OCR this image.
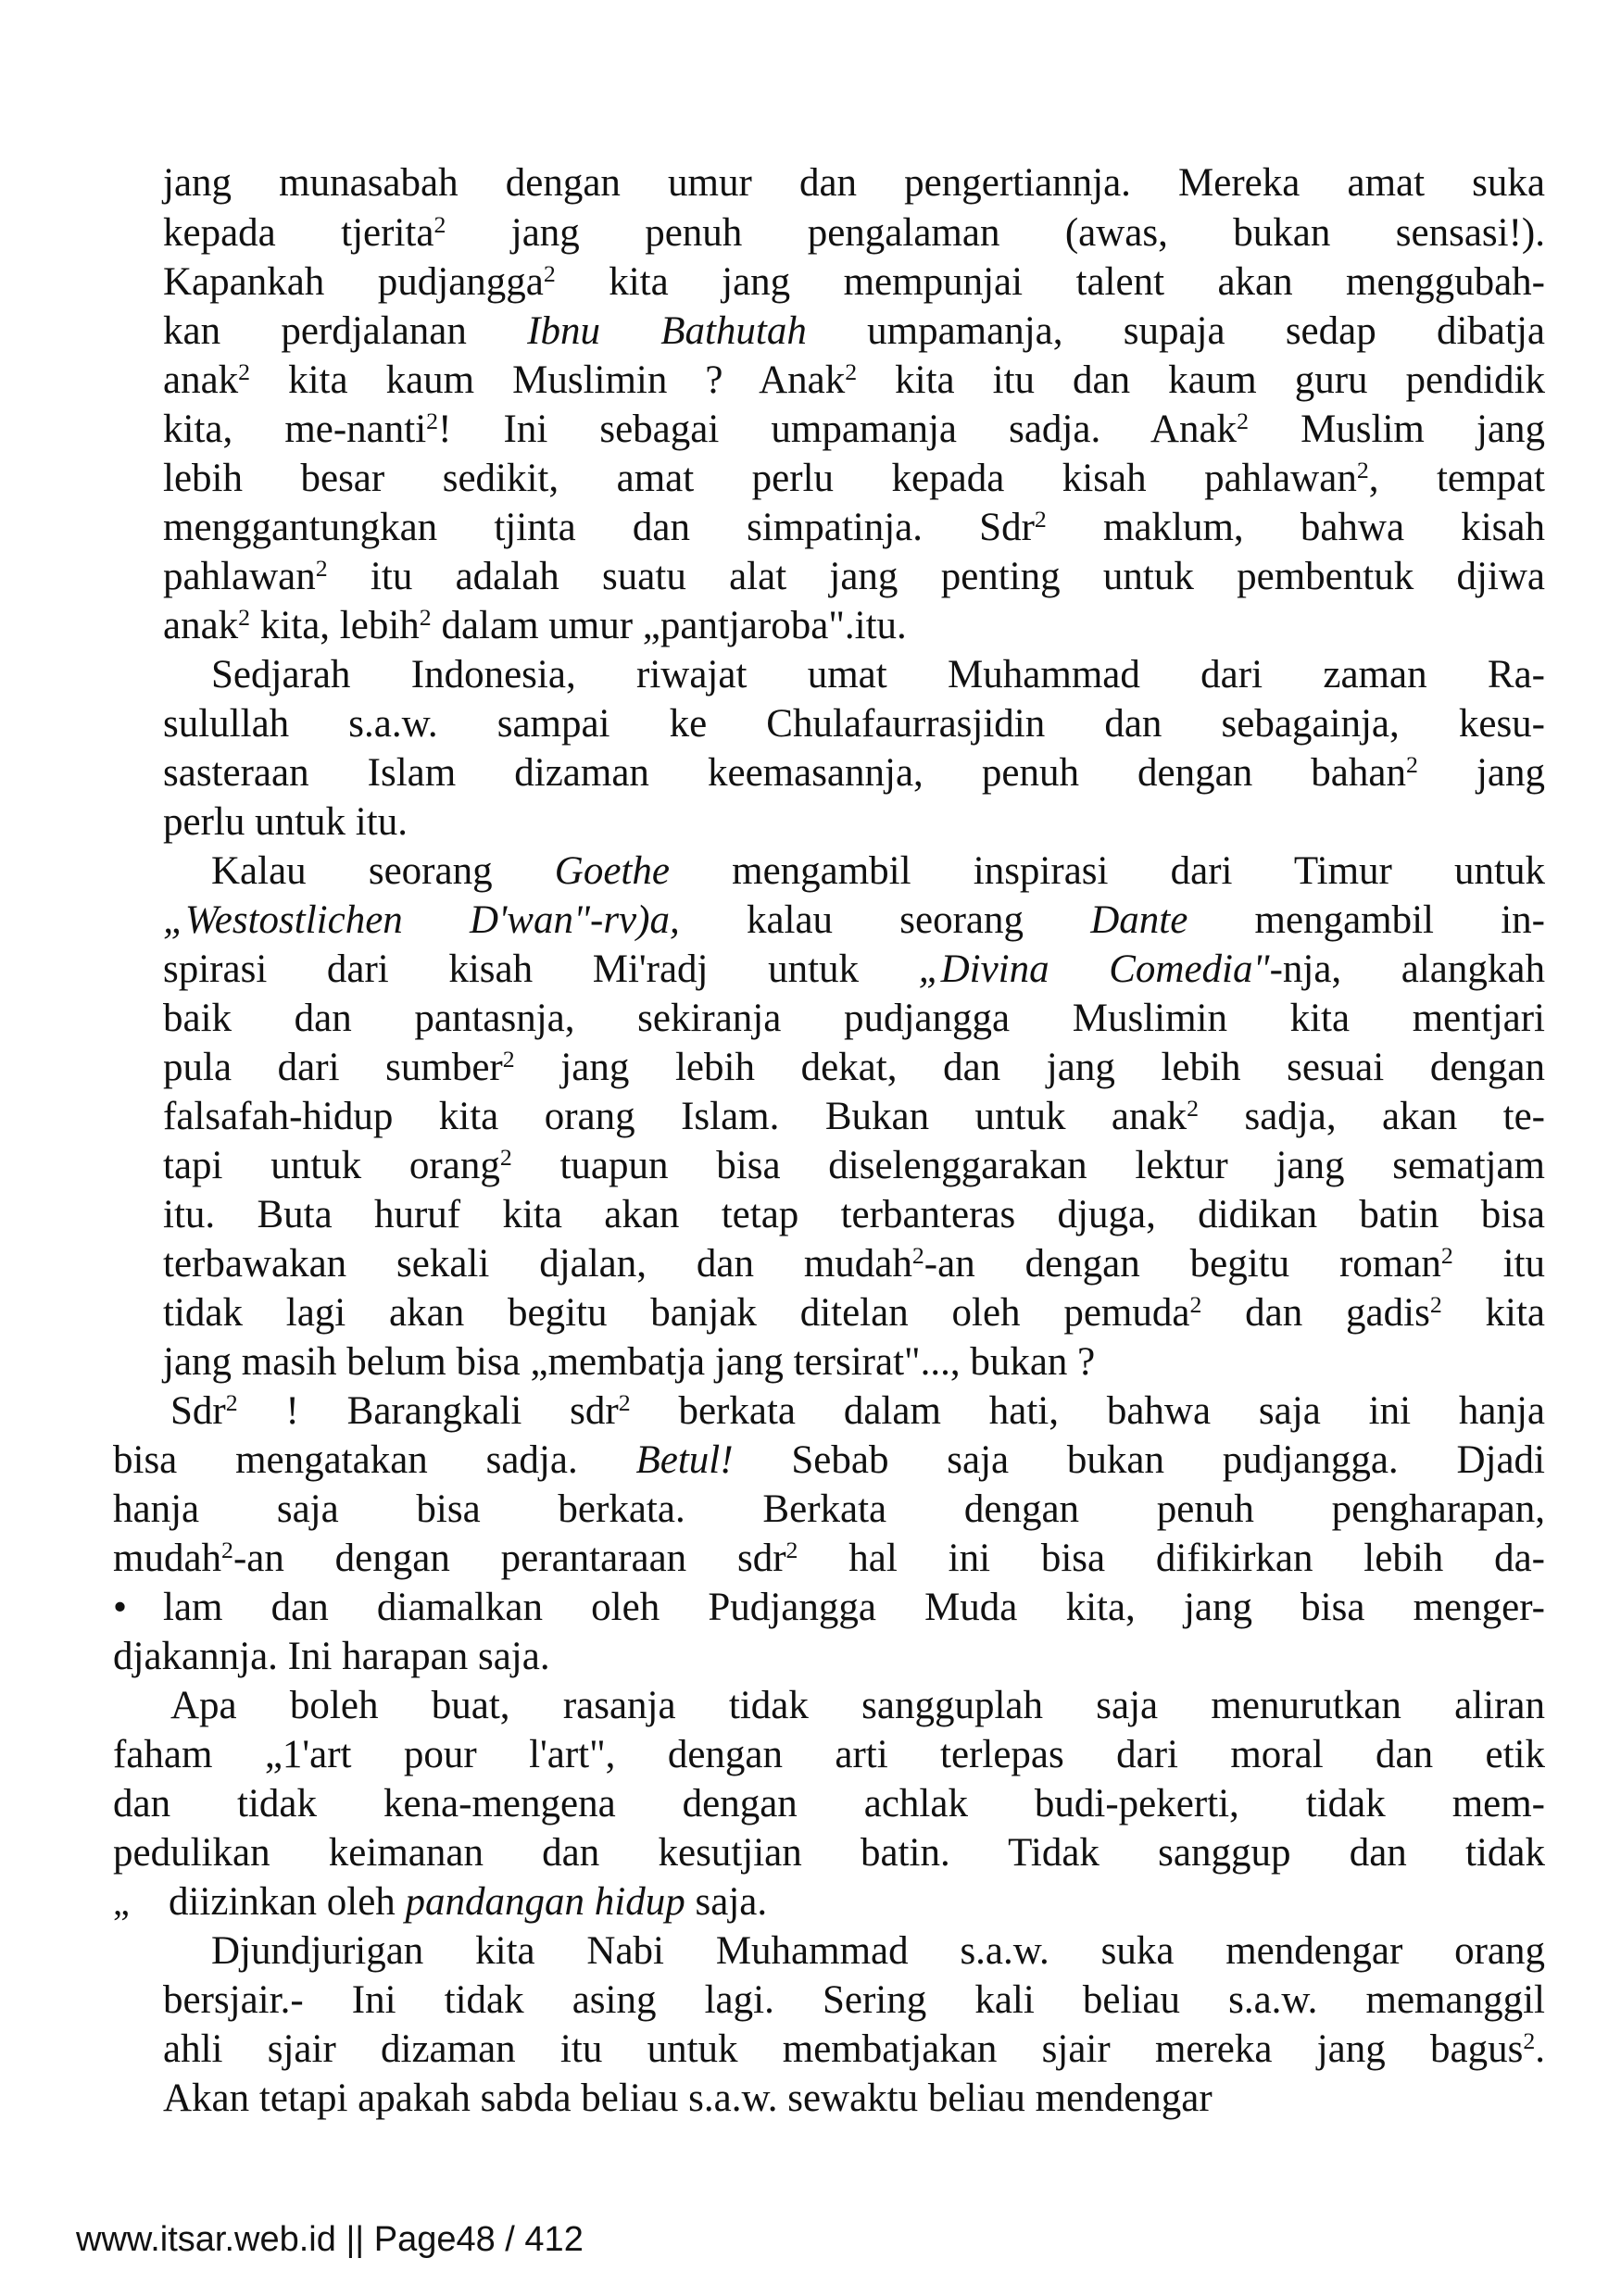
jang munasabah dengan umur dan pengertiannja. Mereka amat suka
kepada tjerita$^2$ jang penuh pengalaman (awas, bukan sensasi!).
Kapankah pudjangga$^2$ kita jang mempunjai talent akan menggubah-
kan perdjalanan Ibnu Bathutah umpamanja, supaja sedap dibatja
anak$^2$ kita kaum Muslimin ? Anak$^2$ kita itu dan kaum guru pendidik
kita, me-nanti$^2$! Ini sebagai umpamanja sadja. Anak$^2$ Muslim jang
lebih besar sedikit, amat perlu kepada kisah pahlawan$^2$, tempat
menggantungkan tjinta dan simpatinja. Sdr$^2$ maklum, bahwa kisah
pahlawan$^2$ itu adalah suatu alat jang penting untuk pembentuk djiwa
anak$^2$ kita, lebih$^2$ dalam umur „pantjaroba".itu.
Sedjarah Indonesia, riwajat umat Muhammad dari zaman Ra-
sulullah s.a.w. sampai ke Chulafaurrasjidin dan sebagainja, kesu-
sasteraan Islam dizaman keemasannja, penuh dengan bahan$^2$ jang
perlu untuk itu.
Kalau seorang Goethe mengambil inspirasi dari Timur untuk
„Westostlichen D'wan"-rv)a, kalau seorang Dante mengambil in-
spirasi dari kisah Mi'radj untuk „Divina Comedia"-nja, alangkah
baik dan pantasnja, sekiranja pudjangga Muslimin kita mentjari
pula dari sumber$^2$ jang lebih dekat, dan jang lebih sesuai dengan
falsafah-hidup kita orang Islam. Bukan untuk anak$^2$ sadja, akan te-
tapi untuk orang$^2$ tuapun bisa diselenggarakan lektur jang sematjam
itu. Buta huruf kita akan tetap terbanteras djuga, didikan batin bisa
terbawakan sekali djalan, dan mudah$^2$-an dengan begitu roman$^2$ itu
tidak lagi akan begitu banjak ditelan oleh pemuda$^2$ dan gadis$^2$ kita
jang masih belum bisa „membatja jang tersirat"..., bukan ?
Sdr$^2$ ! Barangkali sdr$^2$ berkata dalam hati, bahwa saja ini hanja
bisa mengatakan sadja. Betul! Sebab saja bukan pudjangga. Djadi
hanja saja bisa berkata. Berkata dengan penuh pengharapan,
mudah$^2$-an dengan perantaraan sdr$^2$ hal ini bisa difikirkan lebih da-
• lam dan diamalkan oleh Pudjangga Muda kita, jang bisa menger-
djakannja. Ini harapan saja.
Apa boleh buat, rasanja tidak sangguplah saja menurutkan aliran
faham „1'art pour l'art", dengan arti terlepas dari moral dan etik
dan tidak kena-mengena dengan achlak budi-pekerti, tidak mem-
pedulikan keimanan dan kesutjian batin. Tidak sanggup dan tidak
„ diizinkan oleh pandangan hidup saja.
Djundjurigan kita Nabi Muhammad s.a.w. suka mendengar orang
bersjair.- Ini tidak asing lagi. Sering kali beliau s.a.w. memanggil
ahli sjair dizaman itu untuk membatjakan sjair mereka jang bagus$^2$.
Akan tetapi apakah sabda beliau s.a.w. sewaktu beliau mendengar
www.itsar.web.id || Page48 / 412
